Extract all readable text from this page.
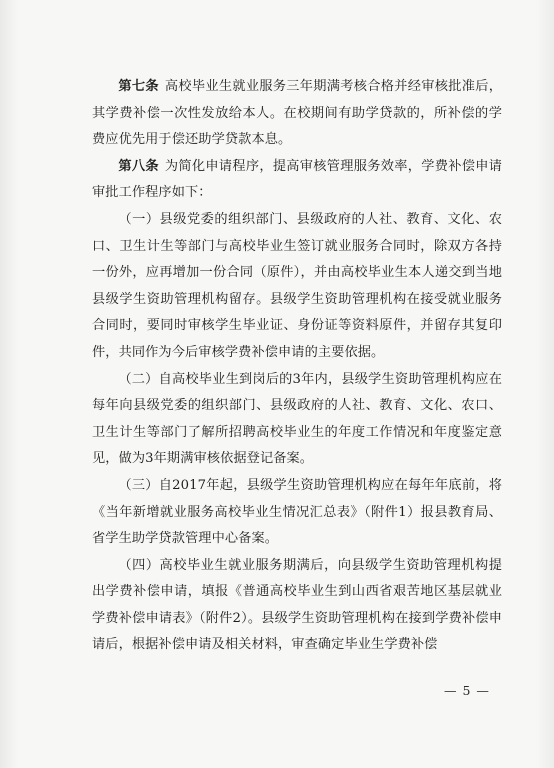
第七条 高校毕业生就业服务三年期满考核合格并经审核批准后，其学费补偿一次性发放给本人。在校期间有助学贷款的，所补偿的学费应优先用于偿还助学贷款本息。

第八条 为简化申请程序，提高审核管理服务效率，学费补偿申请审批工作程序如下：

（一）县级党委的组织部门、县级政府的人社、教育、文化、农口、卫生计生等部门与高校毕业生签订就业服务合同时，除双方各持一份外，应再增加一份合同（原件），并由高校毕业生本人递交到当地县级学生资助管理机构留存。县级学生资助管理机构在接受就业服务合同时，要同时审核学生毕业证、身份证等资料原件，并留存其复印件，共同作为今后审核学费补偿申请的主要依据。

（二）自高校毕业生到岗后的3年内，县级学生资助管理机构应在每年向县级党委的组织部门、县级政府的人社、教育、文化、农口、卫生计生等部门了解所招聘高校毕业生的年度工作情况和年度鉴定意见，做为3年期满审核依据登记备案。

（三）自2017年起，县级学生资助管理机构应在每年年底前，将《当年新增就业服务高校毕业生情况汇总表》（附件1）报县教育局、省学生助学贷款管理中心备案。

（四）高校毕业生就业服务期满后，向县级学生资助管理机构提出学费补偿申请，填报《普通高校毕业生到山西省艰苦地区基层就业学费补偿申请表》（附件2）。县级学生资助管理机构在接到学费补偿申请后，根据补偿申请及相关材料，审查确定毕业生学费补偿

— 5 —
